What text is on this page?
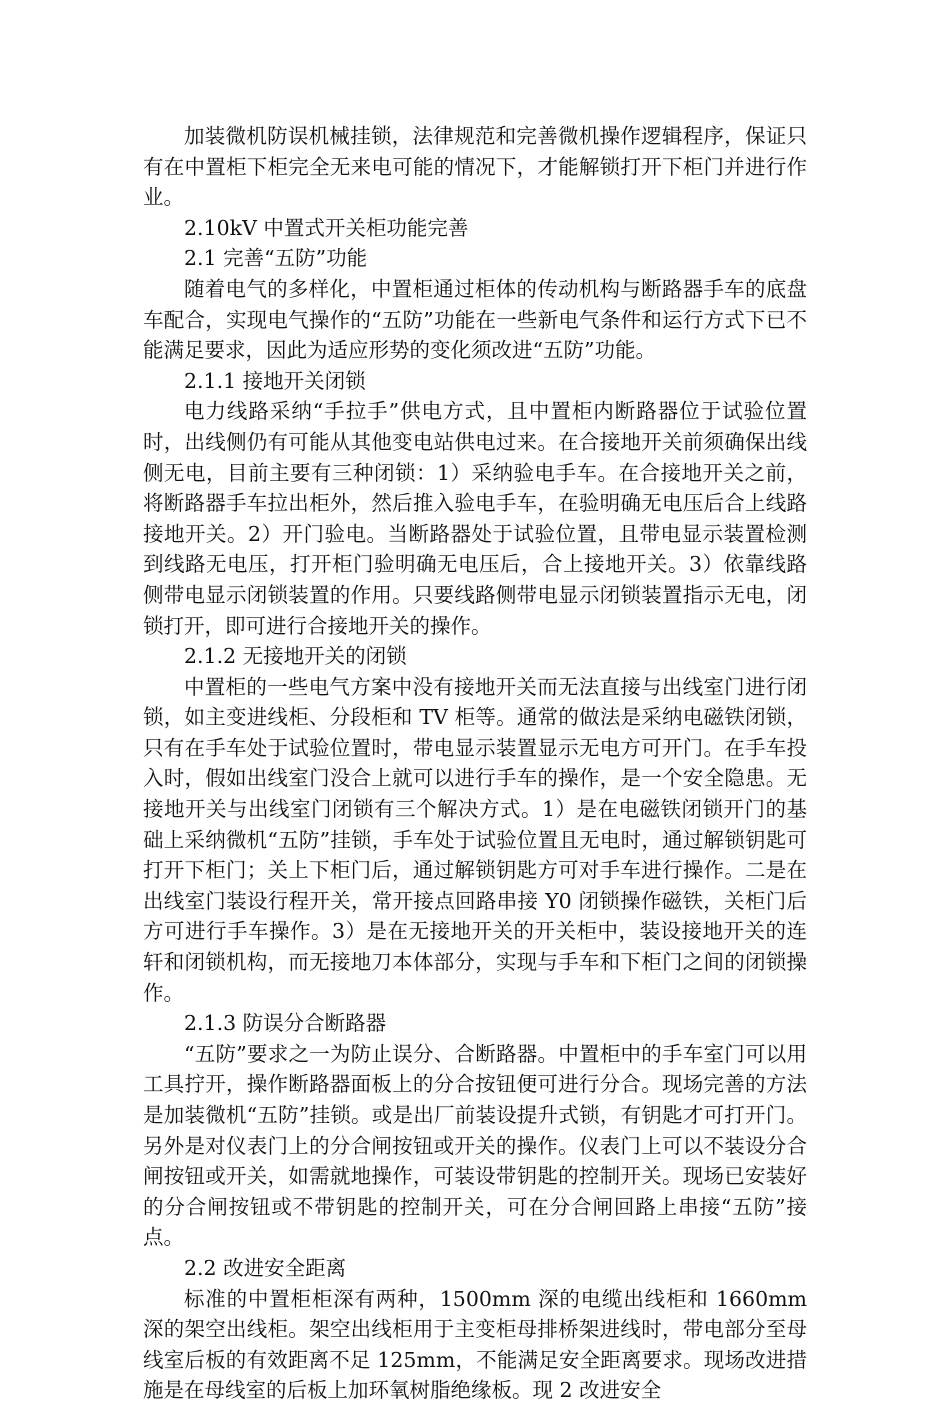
加装微机防误机械挂锁，法律规范和完善微机操作逻辑程序，保证只有在中置柜下柜完全无来电可能的情况下，才能解锁打开下柜门并进行作业。

2.10kV 中置式开关柜功能完善

2.1 完善“五防”功能

随着电气的多样化，中置柜通过柜体的传动机构与断路器手车的底盘车配合，实现电气操作的“五防”功能在一些新电气条件和运行方式下已不能满足要求，因此为适应形势的变化须改进“五防”功能。

2.1.1 接地开关闭锁

电力线路采纳“手拉手”供电方式，且中置柜内断路器位于试验位置时，出线侧仍有可能从其他变电站供电过来。在合接地开关前须确保出线侧无电，目前主要有三种闭锁：1）采纳验电手车。在合接地开关之前，将断路器手车拉出柜外，然后推入验电手车，在验明确无电压后合上线路接地开关。2）开门验电。当断路器处于试验位置，且带电显示装置检测到线路无电压，打开柜门验明确无电压后，合上接地开关。3）依靠线路侧带电显示闭锁装置的作用。只要线路侧带电显示闭锁装置指示无电，闭锁打开，即可进行合接地开关的操作。

2.1.2 无接地开关的闭锁

中置柜的一些电气方案中没有接地开关而无法直接与出线室门进行闭锁，如主变进线柜、分段柜和 TV 柜等。通常的做法是采纳电磁铁闭锁，只有在手车处于试验位置时，带电显示装置显示无电方可开门。在手车投入时，假如出线室门没合上就可以进行手车的操作，是一个安全隐患。无接地开关与出线室门闭锁有三个解决方式。1）是在电磁铁闭锁开门的基础上采纳微机“五防”挂锁，手车处于试验位置且无电时，通过解锁钥匙可打开下柜门；关上下柜门后，通过解锁钥匙方可对手车进行操作。二是在出线室门装设行程开关，常开接点回路串接 Y0 闭锁操作磁铁，关柜门后方可进行手车操作。3）是在无接地开关的开关柜中，装设接地开关的连轩和闭锁机构，而无接地刀本体部分，实现与手车和下柜门之间的闭锁操作。

2.1.3 防误分合断路器

“五防”要求之一为防止误分、合断路器。中置柜中的手车室门可以用工具拧开，操作断路器面板上的分合按钮便可进行分合。现场完善的方法是加装微机“五防”挂锁。或是出厂前装设提升式锁，有钥匙才可打开门。另外是对仪表门上的分合闸按钮或开关的操作。仪表门上可以不装设分合闸按钮或开关，如需就地操作，可装设带钥匙的控制开关。现场已安装好的分合闸按钮或不带钥匙的控制开关，可在分合闸回路上串接“五防”接点。

2.2 改进安全距离

标准的中置柜柜深有两种，1500mm 深的电缆出线柜和 1660mm 深的架空出线柜。架空出线柜用于主变柜母排桥架进线时，带电部分至母线室后板的有效距离不足 125mm，不能满足安全距离要求。现场改进措施是在母线室的后板上加环氧树脂绝缘板。现 2 改进安全
